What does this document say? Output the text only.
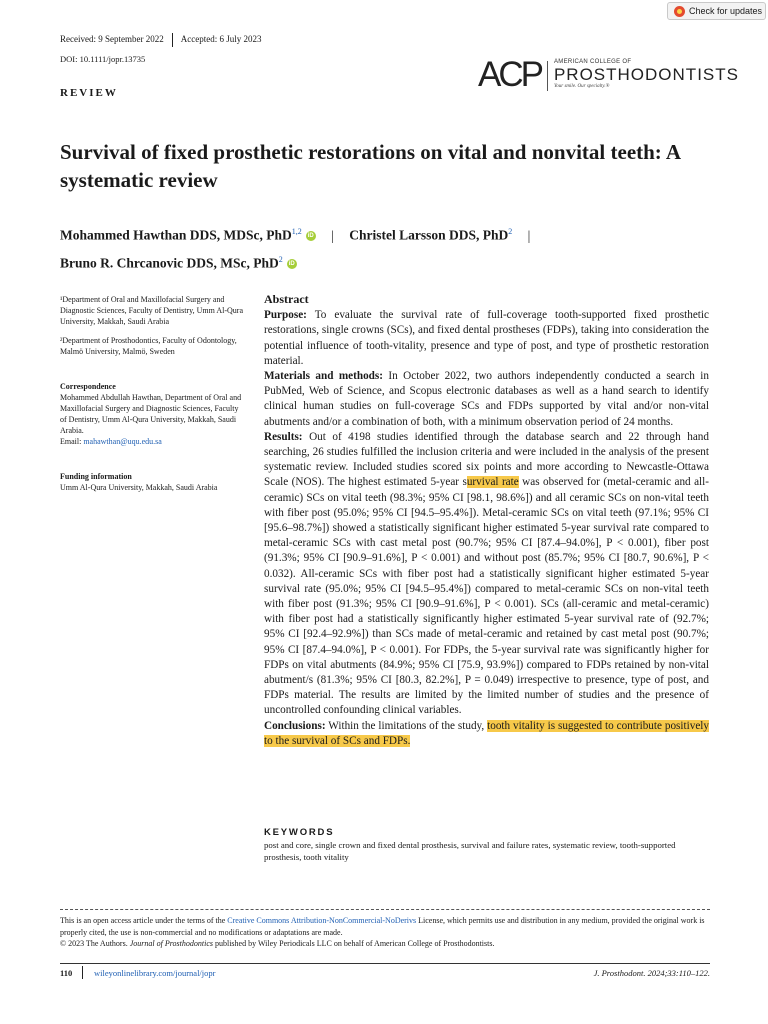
Received: 9 September 2022 Accepted: 6 July 2023
DOI: 10.1111/jopr.13735
REVIEW
Check for updates
ACP AMERICAN COLLEGE OF
PROSTHODONTISTS
Your smile. Our specialty.®
Survival of fixed prosthetic restorations on vital and nonvital teeth: A systematic review
Mohammed Hawthan DDS, MDSc, PhD$^{1,2}$iD | Christel Larsson DDS, PhD$^2$ |
Bruno R. Chrcanovic DDS, MSc, PhD$^2$iD

¹Department of Oral and Maxillofacial Surgery and Diagnostic Sciences, Faculty of Dentistry, Umm Al-Qura University, Makkah, Saudi Arabia

²Department of Prosthodontics, Faculty of Odontology, Malmö University, Malmö, Sweden

Correspondence

Mohammed Abdullah Hawthan, Department of Oral and Maxillofacial Surgery and Diagnostic Sciences, Faculty of Dentistry, Umm Al-Qura University, Makkah, Saudi Arabia.

Email: mahawthan@uqu.edu.sa

Funding information

Umm Al-Qura University, Makkah, Saudi Arabia

Abstract

Purpose: To evaluate the survival rate of full-coverage tooth-supported fixed prosthetic restorations, single crowns (SCs), and fixed dental prostheses (FDPs), taking into consideration the potential influence of tooth-vitality, presence and type of post, and type of prosthetic restoration material.

Materials and methods: In October 2022, two authors independently conducted a search in PubMed, Web of Science, and Scopus electronic databases as well as a hand search to identify clinical human studies on full-coverage SCs and FDPs supported by vital and/or non-vital abutments and/or a combination of both, with a minimum observation period of 24 months.

Results: Out of 4198 studies identified through the database search and 22 through hand searching, 26 studies fulfilled the inclusion criteria and were included in the analysis of the present systematic review. Included studies scored six points and more according to Newcastle-Ottawa Scale (NOS). The highest estimated 5-year survival rate was observed for (metal-ceramic and all-ceramic) SCs on vital teeth (98.3%; 95% CI [98.1, 98.6%]) and all ceramic SCs on non-vital teeth with fiber post (95.0%; 95% CI [94.5–95.4%]). Metal-ceramic SCs on vital teeth (97.1%; 95% CI [95.6–98.7%]) showed a statistically significant higher estimated 5-year survival rate compared to metal-ceramic SCs with cast metal post (90.7%; 95% CI [87.4–94.0%], P < 0.001), fiber post (91.3%; 95% CI [90.9–91.6%], P < 0.001) and without post (85.7%; 95% CI [80.7, 90.6%], P < 0.032). All-ceramic SCs with fiber post had a statistically significant higher estimated 5-year survival rate (95.0%; 95% CI [94.5–95.4%]) compared to metal-ceramic SCs on non-vital teeth with fiber post (91.3%; 95% CI [90.9–91.6%], P < 0.001). SCs (all-ceramic and metal-ceramic) with fiber post had a statistically significantly higher estimated 5-year survival rate of (92.7%; 95% CI [92.4–92.9%]) than SCs made of metal-ceramic and retained by cast metal post (90.7%; 95% CI [87.4–94.0%], P < 0.001). For FDPs, the 5-year survival rate was significantly higher for FDPs on vital abutments (84.9%; 95% CI [75.9, 93.9%]) compared to FDPs retained by non-vital abutment/s (81.3%; 95% CI [80.3, 82.2%], P = 0.049) irrespective to presence, type of post, and FDPs material. The results are limited by the limited number of studies and the presence of uncontrolled confounding clinical variables.

Conclusions: Within the limitations of the study, tooth vitality is suggested to contribute positively to the survival of SCs and FDPs.

KEYWORDS
post and core, single crown and fixed dental prosthesis, survival and failure rates, systematic review, tooth-supported prosthesis, tooth vitality

This is an open access article under the terms of the Creative Commons Attribution-NonCommercial-NoDerivs License, which permits use and distribution in any medium, provided the original work is properly cited, the use is non-commercial and no modifications or adaptations are made.

© 2023 The Authors. Journal of Prosthodontics published by Wiley Periodicals LLC on behalf of American College of Prosthodontists.

110	wileyonlinelibrary.com/journal/jopr	J. Prosthodont. 2024;33:110–122.
